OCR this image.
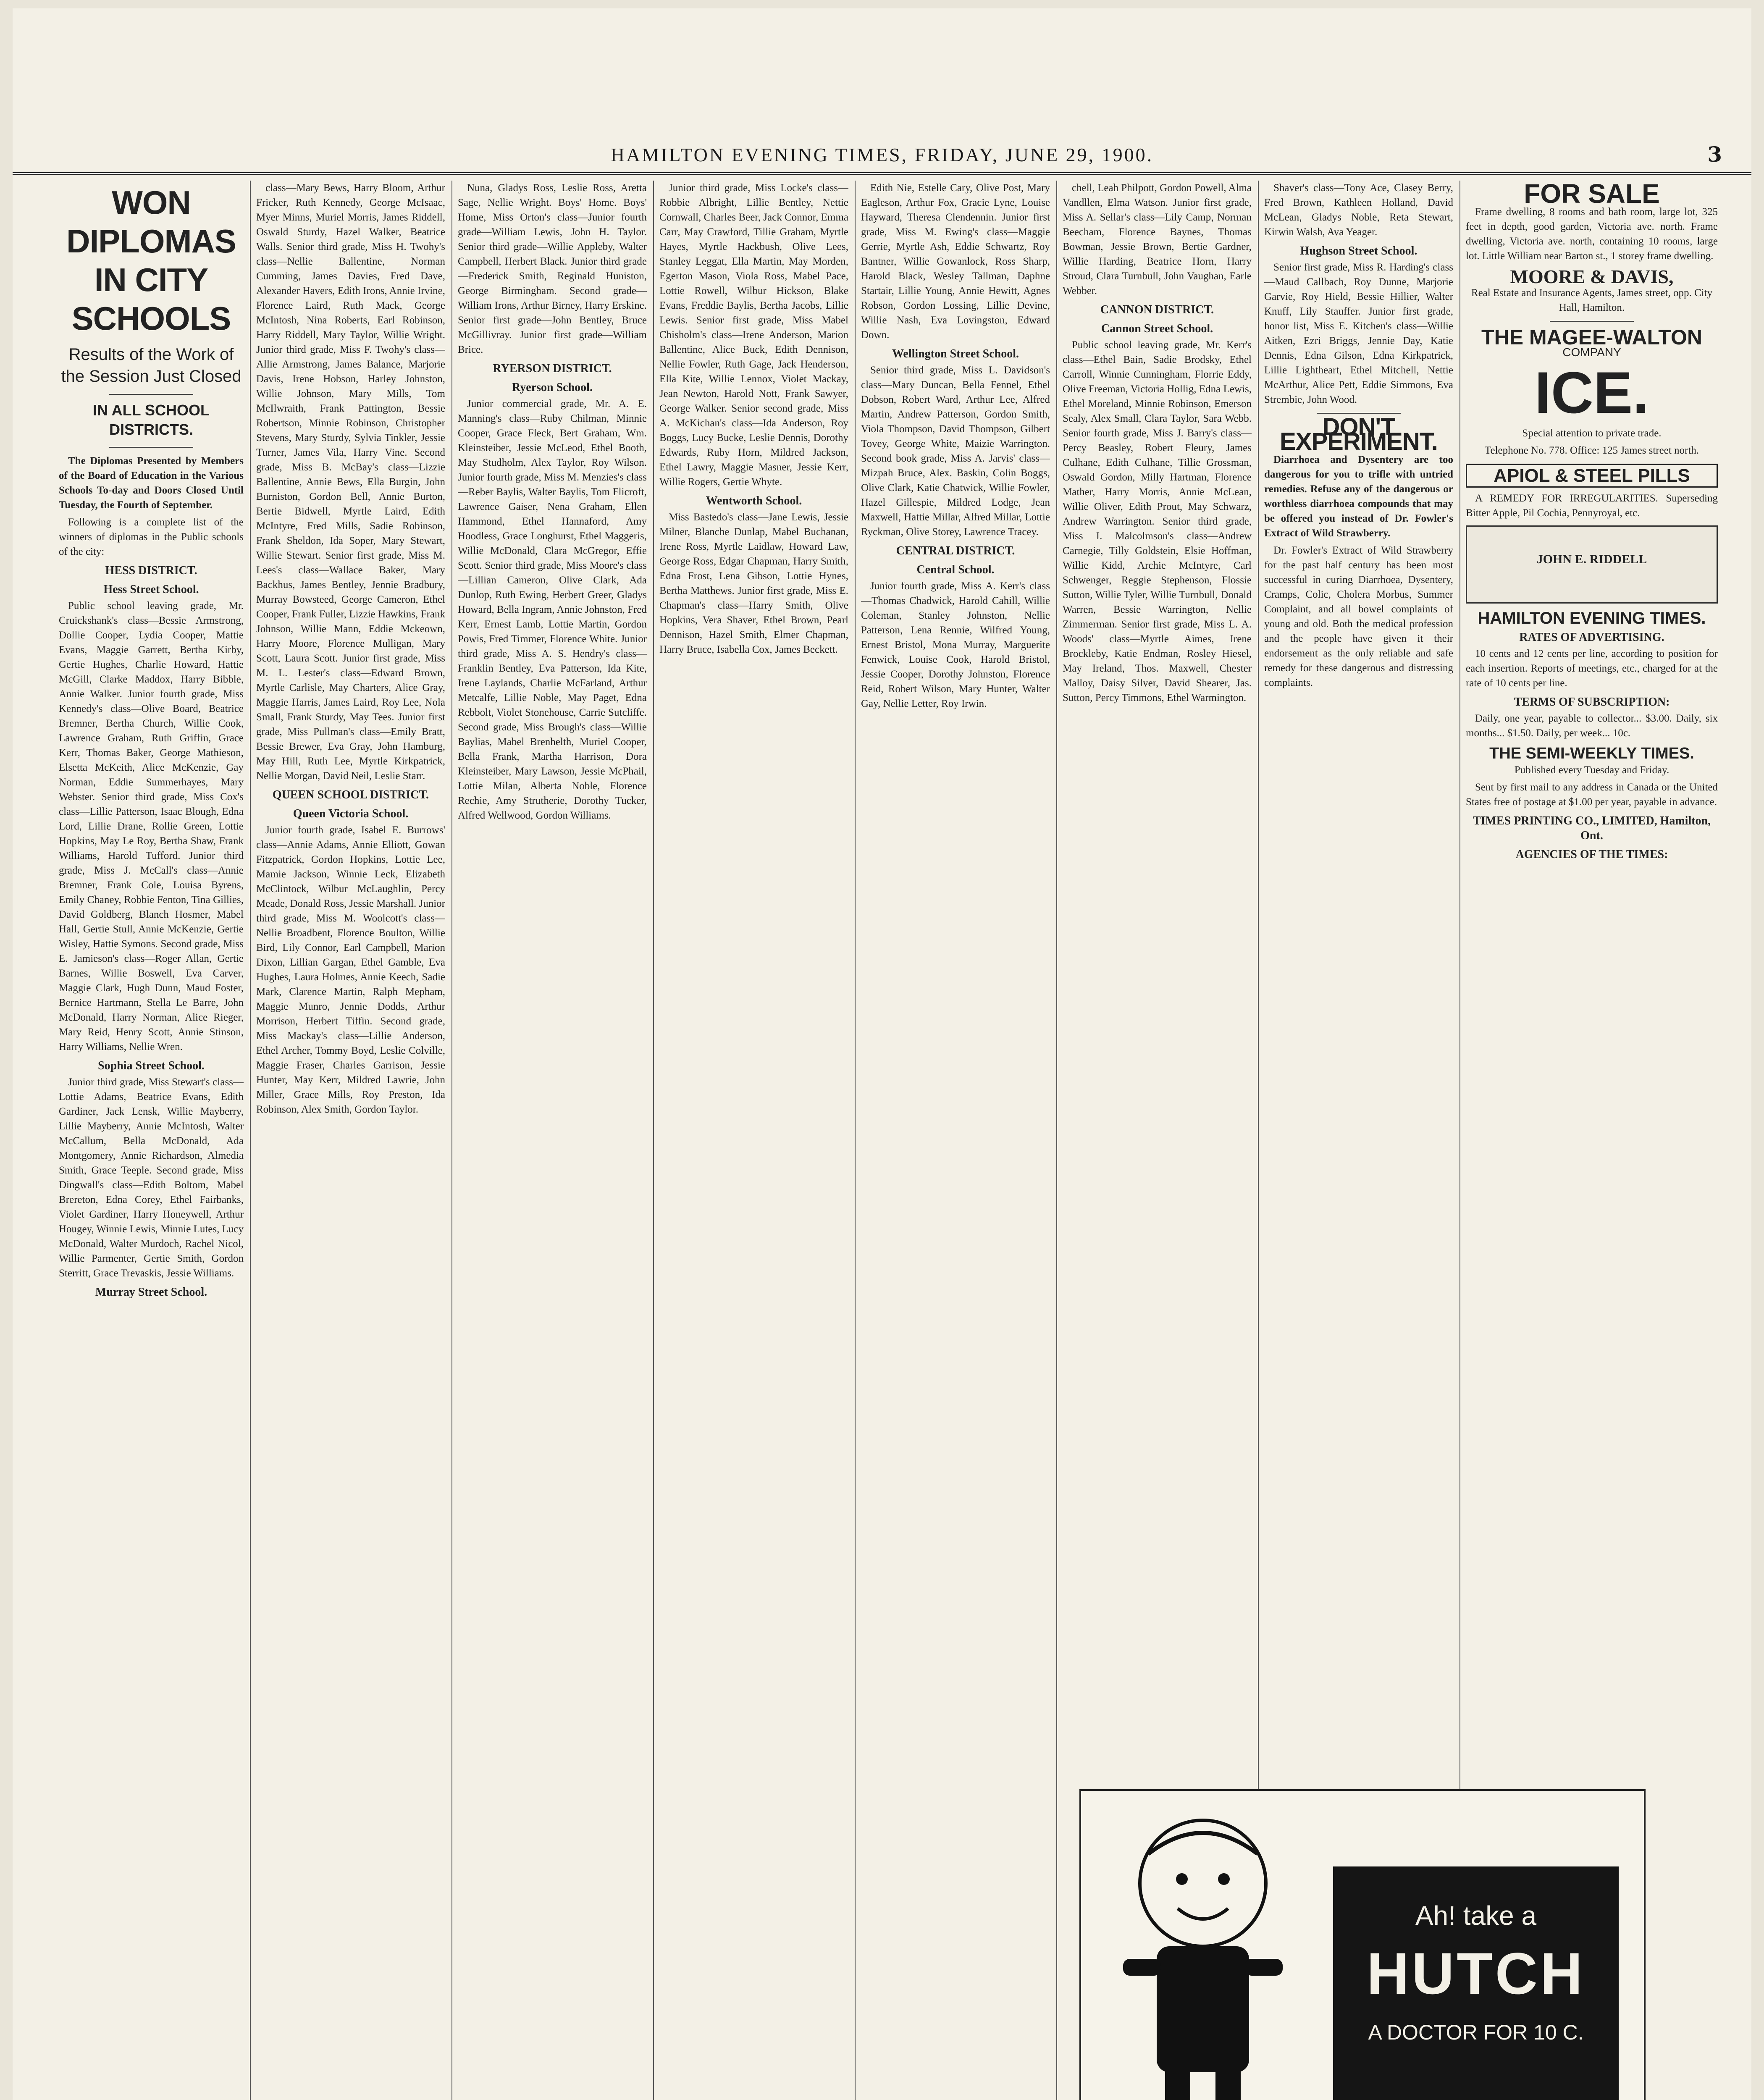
HAMILTON EVENING TIMES, FRIDAY, JUNE 29, 1900.	3
WON DIPLOMAS IN CITY SCHOOLS
Results of the Work of the Session Just Closed
IN ALL SCHOOL DISTRICTS.

The Diplomas Presented by Members of the Board of Education in the Various Schools To-day and Doors Closed Until Tuesday, the Fourth of September.

Following is a complete list of the winners of diplomas in the Public schools of the city:

HESS DISTRICT.
Hess Street School.

Public school leaving grade, Mr. Cruickshank's class—Bessie Armstrong, Dollie Cooper, Lydia Cooper, Mattie Evans, Maggie Garrett, Bertha Kirby, Gertie Hughes, Charlie Howard, Hattie McGill, Clarke Maddox, Harry Bibble, Annie Walker. Junior fourth grade, Miss Kennedy's class—Olive Board, Beatrice Bremner, Bertha Church, Willie Cook, Lawrence Graham, Ruth Griffin, Grace Kerr, Thomas Baker, George Mathieson, Elsetta McKeith, Alice McKenzie, Gay Norman, Eddie Summerhayes, Mary Webster. Senior third grade, Miss Cox's class—Lillie Patterson, Isaac Blough, Edna Lord, Lillie Drane, Rollie Green, Lottie Hopkins, May Le Roy, Bertha Shaw, Frank Williams, Harold Tufford. Junior third grade, Miss J. McCall's class—Annie Bremner, Frank Cole, Louisa Byrens, Emily Chaney, Robbie Fenton, Tina Gillies, David Goldberg, Blanch Hosmer, Mabel Hall, Gertie Stull, Annie McKenzie, Gertie Wisley, Hattie Symons. Second grade, Miss E. Jamieson's class—Roger Allan, Gertie Barnes, Willie Boswell, Eva Carver, Maggie Clark, Hugh Dunn, Maud Foster, Bernice Hartmann, Stella Le Barre, John McDonald, Harry Norman, Alice Rieger, Mary Reid, Henry Scott, Annie Stinson, Harry Williams, Nellie Wren.

Sophia Street School.

Junior third grade, Miss Stewart's class—Lottie Adams, Beatrice Evans, Edith Gardiner, Jack Lensk, Willie Mayberry, Lillie Mayberry, Annie McIntosh, Walter McCallum, Bella McDonald, Ada Montgomery, Annie Richardson, Almedia Smith, Grace Teeple. Second grade, Miss Dingwall's class—Edith Boltom, Mabel Brereton, Edna Corey, Ethel Fairbanks, Violet Gardiner, Harry Honeywell, Arthur Hougey, Winnie Lewis, Minnie Lutes, Lucy McDonald, Walter Murdoch, Rachel Nicol, Willie Parmenter, Gertie Smith, Gordon Sterritt, Grace Trevaskis, Jessie Williams.

Murray Street School.

class—Mary Bews, Harry Bloom, Arthur Fricker, Ruth Kennedy, George McIsaac, Myer Minns, Muriel Morris, James Riddell, Oswald Sturdy, Hazel Walker, Beatrice Walls. Senior third grade, Miss H. Twohy's class—Nellie Ballentine, Norman Cumming, James Davies, Fred Dave, Alexander Havers, Edith Irons, Annie Irvine, Florence Laird, Ruth Mack, George McIntosh, Nina Roberts, Earl Robinson, Harry Riddell, Mary Taylor, Willie Wright. Junior third grade, Miss F. Twohy's class—Allie Armstrong, James Balance, Marjorie Davis, Irene Hobson, Harley Johnston, Willie Johnson, Mary Mills, Tom McIlwraith, Frank Pattington, Bessie Robertson, Minnie Robinson, Christopher Stevens, Mary Sturdy, Sylvia Tinkler, Jessie Turner, James Vila, Harry Vine. Second grade, Miss B. McBay's class—Lizzie Ballentine, Annie Bews, Ella Burgin, John Burniston, Gordon Bell, Annie Burton, Bertie Bidwell, Myrtle Laird, Edith McIntyre, Fred Mills, Sadie Robinson, Frank Sheldon, Ida Soper, Mary Stewart, Willie Stewart. Senior first grade, Miss M. Lees's class—Wallace Baker, Mary Backhus, James Bentley, Jennie Bradbury, Murray Bowsteed, George Cameron, Ethel Cooper, Frank Fuller, Lizzie Hawkins, Frank Johnson, Willie Mann, Eddie Mckeown, Harry Moore, Florence Mulligan, Mary Scott, Laura Scott. Junior first grade, Miss M. L. Lester's class—Edward Brown, Myrtle Carlisle, May Charters, Alice Gray, Maggie Harris, James Laird, Roy Lee, Nola Small, Frank Sturdy, May Tees. Junior first grade, Miss Pullman's class—Emily Bratt, Bessie Brewer, Eva Gray, John Hamburg, May Hill, Ruth Lee, Myrtle Kirkpatrick, Nellie Morgan, David Neil, Leslie Starr.

QUEEN SCHOOL DISTRICT.
Queen Victoria School.

Junior fourth grade, Isabel E. Burrows' class—Annie Adams, Annie Elliott, Gowan Fitzpatrick, Gordon Hopkins, Lottie Lee, Mamie Jackson, Winnie Leck, Elizabeth McClintock, Wilbur McLaughlin, Percy Meade, Donald Ross, Jessie Marshall. Junior third grade, Miss M. Woolcott's class—Nellie Broadbent, Florence Boulton, Willie Bird, Lily Connor, Earl Campbell, Marion Dixon, Lillian Gargan, Ethel Gamble, Eva Hughes, Laura Holmes, Annie Keech, Sadie Mark, Clarence Martin, Ralph Mepham, Maggie Munro, Jennie Dodds, Arthur Morrison, Herbert Tiffin. Second grade, Miss Mackay's class—Lillie Anderson, Ethel Archer, Tommy Boyd, Leslie Colville, Maggie Fraser, Charles Garrison, Jessie Hunter, May Kerr, Mildred Lawrie, John Miller, Grace Mills, Roy Preston, Ida Robinson, Alex Smith, Gordon Taylor.

Nuna, Gladys Ross, Leslie Ross, Aretta Sage, Nellie Wright. Boys' Home. Boys' Home, Miss Orton's class—Junior fourth grade—William Lewis, John H. Taylor. Senior third grade—Willie Appleby, Walter Campbell, Herbert Black. Junior third grade—Frederick Smith, Reginald Huniston, George Birmingham. Second grade—William Irons, Arthur Birney, Harry Erskine. Senior first grade—John Bentley, Bruce McGillivray. Junior first grade—William Brice.

RYERSON DISTRICT.
Ryerson School.

Junior commercial grade, Mr. A. E. Manning's class—Ruby Chilman, Minnie Cooper, Grace Fleck, Bert Graham, Wm. Kleinsteiber, Jessie McLeod, Ethel Booth, May Studholm, Alex Taylor, Roy Wilson. Junior fourth grade, Miss M. Menzies's class—Reber Baylis, Walter Baylis, Tom Flicroft, Lawrence Gaiser, Nena Graham, Ellen Hammond, Ethel Hannaford, Amy Hoodless, Grace Longhurst, Ethel Maggeris, Willie McDonald, Clara McGregor, Effie Scott. Senior third grade, Miss Moore's class—Lillian Cameron, Olive Clark, Ada Dunlop, Ruth Ewing, Herbert Greer, Gladys Howard, Bella Ingram, Annie Johnston, Fred Kerr, Ernest Lamb, Lottie Martin, Gordon Powis, Fred Timmer, Florence White. Junior third grade, Miss A. S. Hendry's class—Franklin Bentley, Eva Patterson, Ida Kite, Irene Laylands, Charlie McFarland, Arthur Metcalfe, Lillie Noble, May Paget, Edna Rebbolt, Violet Stonehouse, Carrie Sutcliffe. Second grade, Miss Brough's class—Willie Baylias, Mabel Brenhelth, Muriel Cooper, Bella Frank, Martha Harrison, Dora Kleinsteiber, Mary Lawson, Jessie McPhail, Lottie Milan, Alberta Noble, Florence Rechie, Amy Strutherie, Dorothy Tucker, Alfred Wellwood, Gordon Williams.

Junior third grade, Miss Locke's class—Robbie Albright, Lillie Bentley, Nettie Cornwall, Charles Beer, Jack Connor, Emma Carr, May Crawford, Tillie Graham, Myrtle Hayes, Myrtle Hackbush, Olive Lees, Stanley Leggat, Ella Martin, May Morden, Egerton Mason, Viola Ross, Mabel Pace, Lottie Rowell, Wilbur Hickson, Blake Evans, Freddie Baylis, Bertha Jacobs, Lillie Lewis. Senior first grade, Miss Mabel Chisholm's class—Irene Anderson, Marion Ballentine, Alice Buck, Edith Dennison, Nellie Fowler, Ruth Gage, Jack Henderson, Ella Kite, Willie Lennox, Violet Mackay, Jean Newton, Harold Nott, Frank Sawyer, George Walker. Senior second grade, Miss A. McKichan's class—Ida Anderson, Roy Boggs, Lucy Bucke, Leslie Dennis, Dorothy Edwards, Ruby Horn, Mildred Jackson, Ethel Lawry, Maggie Masner, Jessie Kerr, Willie Rogers, Gertie Whyte.

Wentworth School.

Miss Bastedo's class—Jane Lewis, Jessie Milner, Blanche Dunlap, Mabel Buchanan, Irene Ross, Myrtle Laidlaw, Howard Law, George Ross, Edgar Chapman, Harry Smith, Edna Frost, Lena Gibson, Lottie Hynes, Bertha Matthews. Junior first grade, Miss E. Chapman's class—Harry Smith, Olive Hopkins, Vera Shaver, Ethel Brown, Pearl Dennison, Hazel Smith, Elmer Chapman, Harry Bruce, Isabella Cox, James Beckett.

Edith Nie, Estelle Cary, Olive Post, Mary Eagleson, Arthur Fox, Gracie Lyne, Louise Hayward, Theresa Clendennin. Junior first grade, Miss M. Ewing's class—Maggie Gerrie, Myrtle Ash, Eddie Schwartz, Roy Bantner, Willie Gowanlock, Ross Sharp, Harold Black, Wesley Tallman, Daphne Startair, Lillie Young, Annie Hewitt, Agnes Robson, Gordon Lossing, Lillie Devine, Willie Nash, Eva Lovingston, Edward Down.

Wellington Street School.

Senior third grade, Miss L. Davidson's class—Mary Duncan, Bella Fennel, Ethel Dobson, Robert Ward, Arthur Lee, Alfred Martin, Andrew Patterson, Gordon Smith, Viola Thompson, David Thompson, Gilbert Tovey, George White, Maizie Warrington. Second book grade, Miss A. Jarvis' class—Mizpah Bruce, Alex. Baskin, Colin Boggs, Olive Clark, Katie Chatwick, Willie Fowler, Hazel Gillespie, Mildred Lodge, Jean Maxwell, Hattie Millar, Alfred Millar, Lottie Ryckman, Olive Storey, Lawrence Tracey.

CENTRAL DISTRICT.
Central School.

Junior fourth grade, Miss A. Kerr's class—Thomas Chadwick, Harold Cahill, Willie Coleman, Stanley Johnston, Nellie Patterson, Lena Rennie, Wilfred Young, Ernest Bristol, Mona Murray, Marguerite Fenwick, Louise Cook, Harold Bristol, Jessie Cooper, Dorothy Johnston, Florence Reid, Robert Wilson, Mary Hunter, Walter Gay, Nellie Letter, Roy Irwin.

chell, Leah Philpott, Gordon Powell, Alma Vandllen, Elma Watson. Junior first grade, Miss A. Sellar's class—Lily Camp, Norman Beecham, Florence Baynes, Thomas Bowman, Jessie Brown, Bertie Gardner, Willie Harding, Beatrice Horn, Harry Stroud, Clara Turnbull, John Vaughan, Earle Webber.

CANNON DISTRICT.
Cannon Street School.

Public school leaving grade, Mr. Kerr's class—Ethel Bain, Sadie Brodsky, Ethel Carroll, Winnie Cunningham, Florrie Eddy, Olive Freeman, Victoria Hollig, Edna Lewis, Ethel Moreland, Minnie Robinson, Emerson Sealy, Alex Small, Clara Taylor, Sara Webb. Senior fourth grade, Miss J. Barry's class—Percy Beasley, Robert Fleury, James Culhane, Edith Culhane, Tillie Grossman, Oswald Gordon, Milly Hartman, Florence Mather, Harry Morris, Annie McLean, Willie Oliver, Edith Prout, May Schwarz, Andrew Warrington. Senior third grade, Miss I. Malcolmson's class—Andrew Carnegie, Tilly Goldstein, Elsie Hoffman, Willie Kidd, Archie McIntyre, Carl Schwenger, Reggie Stephenson, Flossie Sutton, Willie Tyler, Willie Turnbull, Donald Warren, Bessie Warrington, Nellie Zimmerman. Senior first grade, Miss L. A. Woods' class—Myrtle Aimes, Irene Brockleby, Katie Endman, Rosley Hiesel, May Ireland, Thos. Maxwell, Chester Malloy, Daisy Silver, David Shearer, Jas. Sutton, Percy Timmons, Ethel Warmington.

Shaver's class—Tony Ace, Clasey Berry, Fred Brown, Kathleen Holland, David McLean, Gladys Noble, Reta Stewart, Kirwin Walsh, Ava Yeager.

Hughson Street School.

Senior first grade, Miss R. Harding's class—Maud Callbach, Roy Dunne, Marjorie Garvie, Roy Hield, Bessie Hillier, Walter Knuff, Lily Stauffer. Junior first grade, honor list, Miss E. Kitchen's class—Willie Aitken, Ezri Briggs, Jennie Day, Katie Dennis, Edna Gilson, Edna Kirkpatrick, Lillie Lightheart, Ethel Mitchell, Nettie McArthur, Alice Pett, Eddie Simmons, Eva Strembie, John Wood.

DON'T EXPERIMENT.

Diarrhoea and Dysentery are too dangerous for you to trifle with untried remedies. Refuse any of the dangerous or worthless diarrhoea compounds that may be offered you instead of Dr. Fowler's Extract of Wild Strawberry.

Dr. Fowler's Extract of Wild Strawberry for the past half century has been most successful in curing Diarrhoea, Dysentery, Cramps, Colic, Cholera Morbus, Summer Complaint, and all bowel complaints of young and old. Both the medical profession and the people have given it their endorsement as the only reliable and safe remedy for these dangerous and distressing complaints.

FOR SALE

Frame dwelling, 8 rooms and bath room, large lot, 325 feet in depth, good garden, Victoria ave. north. Frame dwelling, Victoria ave. north, containing 10 rooms, large lot. Little William near Barton st., 1 storey frame dwelling.

MOORE & DAVIS,

Real Estate and Insurance Agents, James street, opp. City Hall, Hamilton.

THE MAGEE-WALTON
COMPANY
ICE.

Special attention to private trade.

Telephone No. 778. Office: 125 James street north.

APIOL & STEEL PILLS

A REMEDY FOR IRREGULARITIES. Superseding Bitter Apple, Pil Cochia, Pennyroyal, etc.

JOHN E. RIDDELL
HAMILTON EVENING TIMES.
RATES OF ADVERTISING.

10 cents and 12 cents per line, according to position for each insertion. Reports of meetings, etc., charged for at the rate of 10 cents per line.

TERMS OF SUBSCRIPTION:

Daily, one year, payable to collector... $3.00. Daily, six months... $1.50. Daily, per week... 10c.

THE SEMI-WEEKLY TIMES.

Published every Tuesday and Friday.

Sent by first mail to any address in Canada or the United States free of postage at $1.00 per year, payable in advance.

TIMES PRINTING CO., LIMITED, Hamilton, Ont.
AGENCIES OF THE TIMES:
Ah! take a
HUTCH
A DOCTOR FOR 10 C.
